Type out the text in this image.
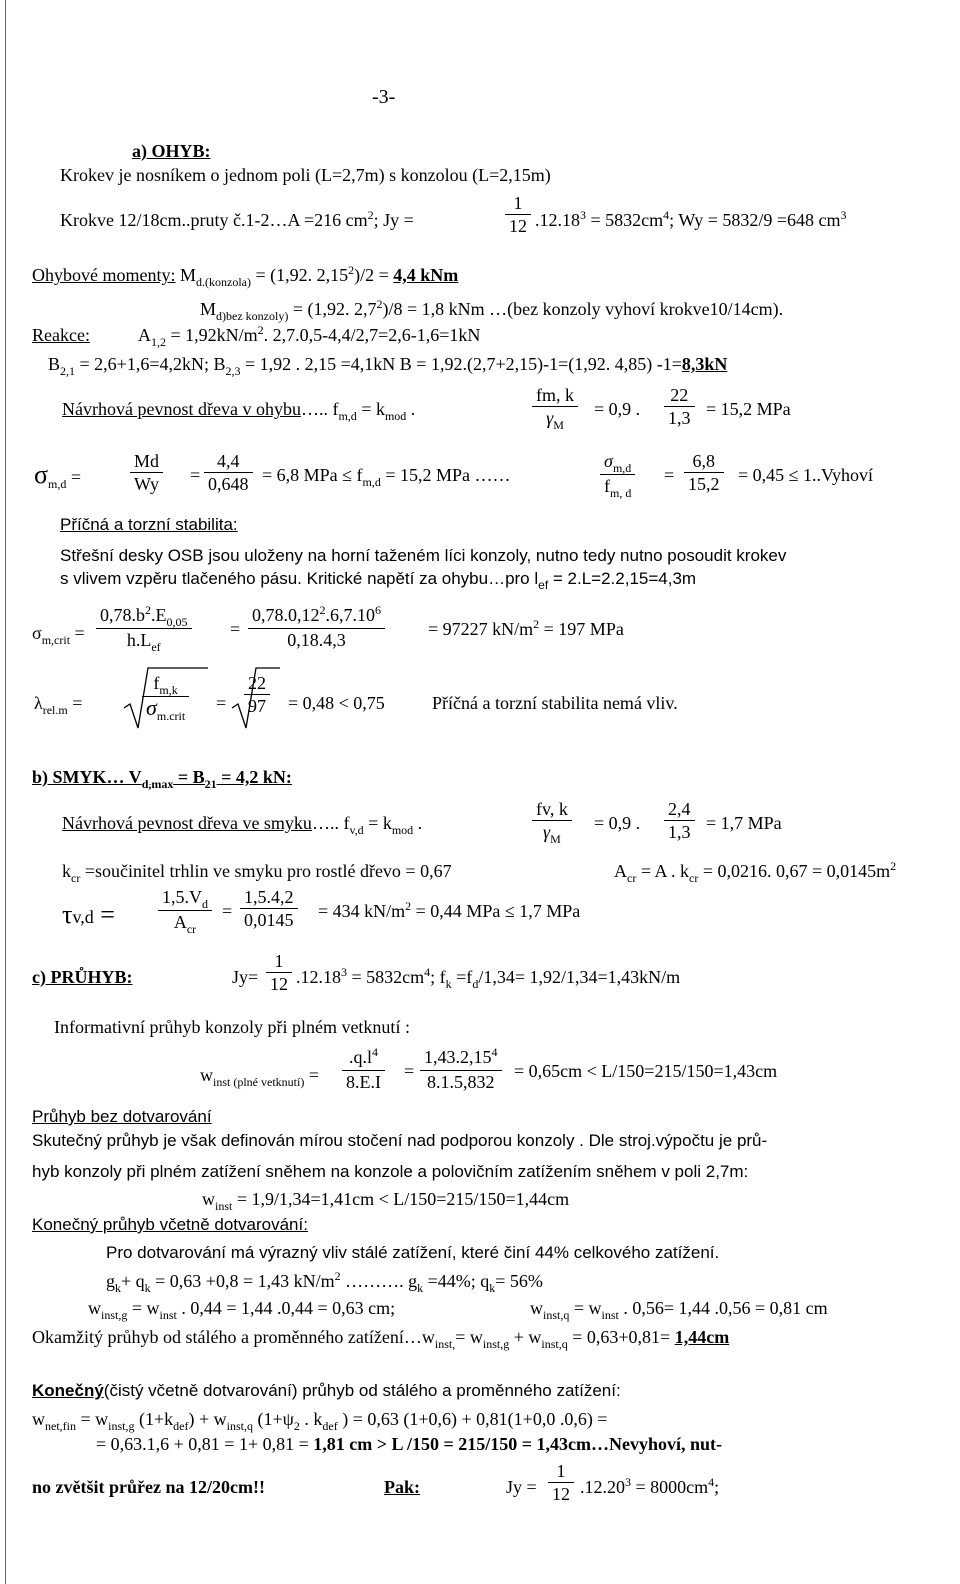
-3-
a) OHYB:
Krokev je nosníkem o jednom poli (L=2,7m) s konzolou (L=2,15m)
Krokve 12/18cm..pruty č.1-2…A =216 $cm^2$; Jy =	$\frac{1}{12} .12.18^3 = 5832cm^4$; Wy = 5832/9 =648 $cm^3$
Ohybové momenty: $M_{d.(konzola)} = (1,92$. $2,15^2)/2 = 4,4$ kNm
$M_{d)bez konzoly)} = (1,92$. $2,7^2)/8 = 1,8$ kNm …(bez konzoly vyhoví krokve10/14cm).
Reakce:	$A_{1,2} = 1,92kN/m^2$. 2,7.0,5-4,4/2,7=2,6-1,6=1kN
$B_{2,1} = 2,6+1,6=4,2kN$; $B_{2,3} = 1,92$ . 2,15 =4,1kN B = 1,92.(2,7+2,15)-1=(1,92. 4,85) -1=8,3kN
Návrhová pevnost dřeva v ohybu….. $f_{m,d} = k_{mod}$ .	$\frac{fm, k}{\gamma_M} = 0,9$ . $\frac{22}{1,3} = 15,2$ MPa
$\sigma_{m,d}$ =	$\frac{Md}{Wy} = \frac{4,4}{0,648} = 6,8$ MPa ≤ $f_{m,d} = 15,2$ MPa ……	$\frac{\sigma_{m,d}}{f_{m, d}} = \frac{6,8}{15,2} = 0,45$ ≤ 1..Vyhoví
Příčná a torzní stabilita:
Střešní desky OSB jsou uloženy na horní taženém líci konzoly, nutno tedy nutno posoudit krokev
s vlivem vzpěru tlačeného pásu. Kritické napětí za ohybu…pro $l_{ef} = 2.L=2.2,15=4,3m$
$\sigma_{m,crit}$ =
$0,78.b^2.E_{0,05}$
$h.L_{ef}$
= $\frac{0,78.0,12^2.6,7.10^6}{0,18.4,3} = 97227$ $kN/m^2 = 197$ MPa
$\lambda_{rel.m}$ =
$f_{m,k}$
$\sigma_{m.crit}$
= $\frac{22}{97} = 0,48 < 0,75$	Příčná a torzní stabilita nemá vliv.
b) SMYK… $V_{d,max} = B_{21} = 4,2$ kN:
Návrhová pevnost dřeva ve smyku….. $f_{v,d} = k_{mod}$ .	$\frac{fv, k}{\gamma_M} = 0,9$ . $\frac{2,4}{1,3} = 1,7$ MPa
$k_{cr}$ =součinitel trhlin ve smyku pro rostlé dřevo = 0,67	$A_{cr} = A$ . $k_{cr} = 0,0216$. $0,67 = 0,0145m^2$
τv,d =
$1,5.V_d$
$A_{cr}$
= $\frac{1,5.4,2}{0,0145} = 434$ $kN/m^2 = 0,44$ MPa ≤ 1,7 MPa
c) PRŮHYB:	$Jy= \frac{1}{12} .12.18^3 = 5832cm^4$; $f_k =f_d/1,34= 1,92/1,34=1,43kN/m$
Informativní průhyb konzoly při plném vetknutí :
$w_{inst (plné vetknutí)} = \frac{.q.l^4}{8.E.I} = \frac{1,43.2,15^4}{8.1.5,832} = 0,65cm < L/150=215/150=1,43cm$
Průhyb bez dotvarování
Skutečný průhyb je však definován mírou stočení nad podporou konzoly . Dle stroj.výpočtu je prů-
hyb konzoly při plném zatížení sněhem na konzole a polovičním zatížením sněhem v poli 2,7m:
$w_{inst} = 1,9/1,34=1,41cm < L/150=215/150=1,44cm$
Konečný průhyb včetně dotvarování:
Pro dotvarování má výrazný vliv stálé zatížení, které činí 44% celkového zatížení.
$g_k+ q_k = 0,63 +0,8 = 1,43$ $kN/m^2$ ………. $g_k =44\%$; $q_k= 56\%$
$w_{inst,g} = w_{inst}$ . 0,44 = 1,44 .0,44 = 0,63 cm;	$w_{inst,q} = w_{inst}$ . 0,56= 1,44 .0,56 = 0,81 cm
Okamžitý průhyb od stálého a proměnného $zatížení\dots w_{inst,}= w_{inst,g} + w_{inst,q} = 0,63+0,81= 1,44cm$
Konečný(čistý včetně dotvarování) průhyb od stálého a proměnného zatížení:
$w_{net,fin} = w_{inst,g}$ $(1+k_{def}) + w_{inst,q}$ ($1+\psi_2$ . $k_{def}$ ) = 0,63 (1+0,6) + 0,81(1+0,0 .0,6) =
= 0,63.1,6 + 0,81 = 1+ 0,81 = 1,81 cm > L /150 = 215/150 = 1,43cm…Nevyhoví, nut-
no zvětšit průřez na 12/20cm!!	Pak:	$Jy = \frac{1}{12} .12.20^3 = 8000cm^4$;
